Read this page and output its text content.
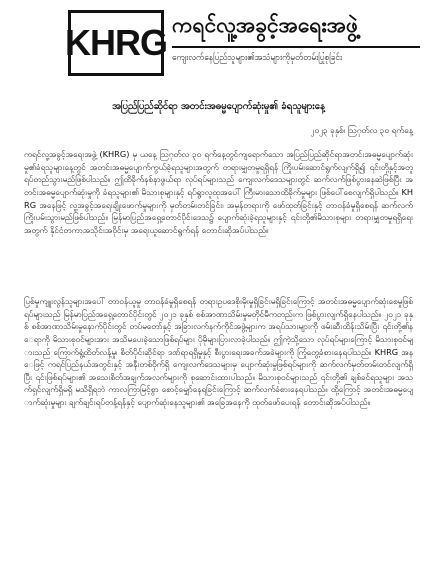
KHRG ကရင်လူ့အခွင့်အရေးအဖွဲ့
ကျေးလက်နေပြည်သူများ၏အသံများကိုမှတ်တမ်းပြုစုခြင်း
အပြည်ပြည်ဆိုင်ရာ အတင်းအဓမ္မပျောက်ဆုံးမှု၏ ခံရသူများနေ့
၂၀၂၃ ခုနှစ်၊ ဩဂုတ်လ ၃၀ ရက်နေ့

ကရင်လူ့အခွင့်အရေးအဖွဲ့ (KHRG) မှ ယနေ့ ဩဂုတ်လ ၃၀ ရက်နေ့တွင်ကျရောက်သော အပြည်ပြည်ဆိုင်ရာအတင်းအဓမ္မပျောက်ဆုံးမှု၏ခံရသူများနေ့တွင် အတင်းအဓမ္မပျောက်ကွယ်ခဲ့ရသူများအတွက် တရားမျှတမှုရရှိရန် ကြိုးပမ်းဆောင်ရွက်လျက်ရှိ၍ ၎င်းတို့နှင့်အတူ ရပ်တည်သွားမည်ဖြစ်ပါသည်။ ဤထိခိုက်နစ်နာဖွယ်ရာ လုပ်ရပ်များသည် ကျေးလက်ဒေသများတွင် ဆက်လက်ဖြစ်ပွားနေဆဲဖြစ်ပြီး အတင်းအဓမ္မပျောက်ဆုံးမှုကို ခံရသူများ၏ မိသားစုများနှင့် ရပ်ရွာလူထုအပေါ် ကြီးမားသောထိခိုက်မှုများ ဖြစ်ပေါ်စေလျက်ရှိပါသည်။ KHRG အနေဖြင့် လူ့အခွင့်အရေးချိုးဖောက်မှုများကို မှတ်တမ်းတင်ခြင်း၊ အမှန်တရားကို ဖော်ထုတ်ခြင်းနှင့် တာဝန်ခံမှုရှိစေရန် ဆက်လက်ကြိုးပမ်းသွားမည်ဖြစ်ပါသည်။ မြန်မာပြည်အရှေ့တောင်ပိုင်းဒေသ၌ ပျောက်ဆုံးခဲ့ရသူများနှင့် ၎င်းတို့၏မိသားစုများ တရားမျှတမှုရရှိရေးအတွက် နိုင်ငံတကာအသိုင်းအဝိုင်းမှ အရေးယူဆောင်ရွက်ရန် တောင်းဆိုအပ်ပါသည်။

ပြစ်မှုကျူးလွန်သူများအပေါ် တာဝန်ယူမှု တာဝန်ခံမှုရှိစေရန် တရားဥပဒေစိုးမိုးမှုရှိခြင်းမရှိခြင်းကြောင့် အတင်းအဓမ္မပျောက်ဆုံးစေမှုဖြစ်ရပ်များသည် မြန်မာပြည်အရှေ့တောင်ပိုင်းတွင် ၂၀၂၁ ခုနှစ် စစ်အာဏာသိမ်းမှုမတိုင်မီကတည်းက ဖြစ်ပွားလျက်ရှိနေပါသည်။ ၂၀၂၁ ခုနှစ် စစ်အာဏာသိမ်းမှုနောက်ပိုင်းတွင် တပ်မတော်နှင့် အခြားလက်နက်ကိုင်အဖွဲ့များက အရပ်သားများကို ဖမ်းဆီးထိန်းသိမ်းပြီး ၎င်းတို့၏နေရာကို မိသားစုဝင်များအား အသိမပေးခဲ့သောဖြစ်ရပ်များ ပိုမိုများပြားလာခဲ့ပါသည်။ ဤကဲ့သို့သော လုပ်ရပ်များကြောင့် မိသားစုဝင်များသည် ကြောက်ရွံ့ထိတ်လန့်မှု၊ စိတ်ပိုင်းဆိုင်ရာ ဒဏ်ရာရရှိမှုနှင့် စီးပွားရေးအခက်အခဲများကို ကြုံတွေ့ခံစားနေရပါသည်။ KHRG အနေဖြင့် ကရင်ပြည်နယ်အတွင်းနှင့် အနီးတစ်ဝိုက်ရှိ ကျေးလက်ဒေသများမှ ပျောက်ဆုံးမှုဖြစ်ရပ်များကို ဆက်လက်မှတ်တမ်းတင်လျက်ရှိပြီး ၎င်းဖြစ်ရပ်များ၏ အသေးစိတ်အချက်အလက်များကို စုဆောင်းထားပါသည်။ မိသားစုဝင်များသည် ၎င်းတို့၏ ချစ်ခင်ရသူများ အသက်ရှင်လျက်ရှိမရှိ မသိရှိရဘဲ ကာလကြာမြင့်စွာ စောင့်မျှော်နေရခြင်းကြောင့် ဆက်လက်ခံစားနေရပါသည်။ ထို့ကြောင့် အတင်းအဓမ္မပျောက်ဆုံးမှုများ ချက်ချင်းရပ်တန့်ရန်နှင့် ပျောက်ဆုံးနေသူများ၏ အခြေအနေကို ထုတ်ဖော်ပေးရန် တောင်းဆိုအပ်ပါသည်။
